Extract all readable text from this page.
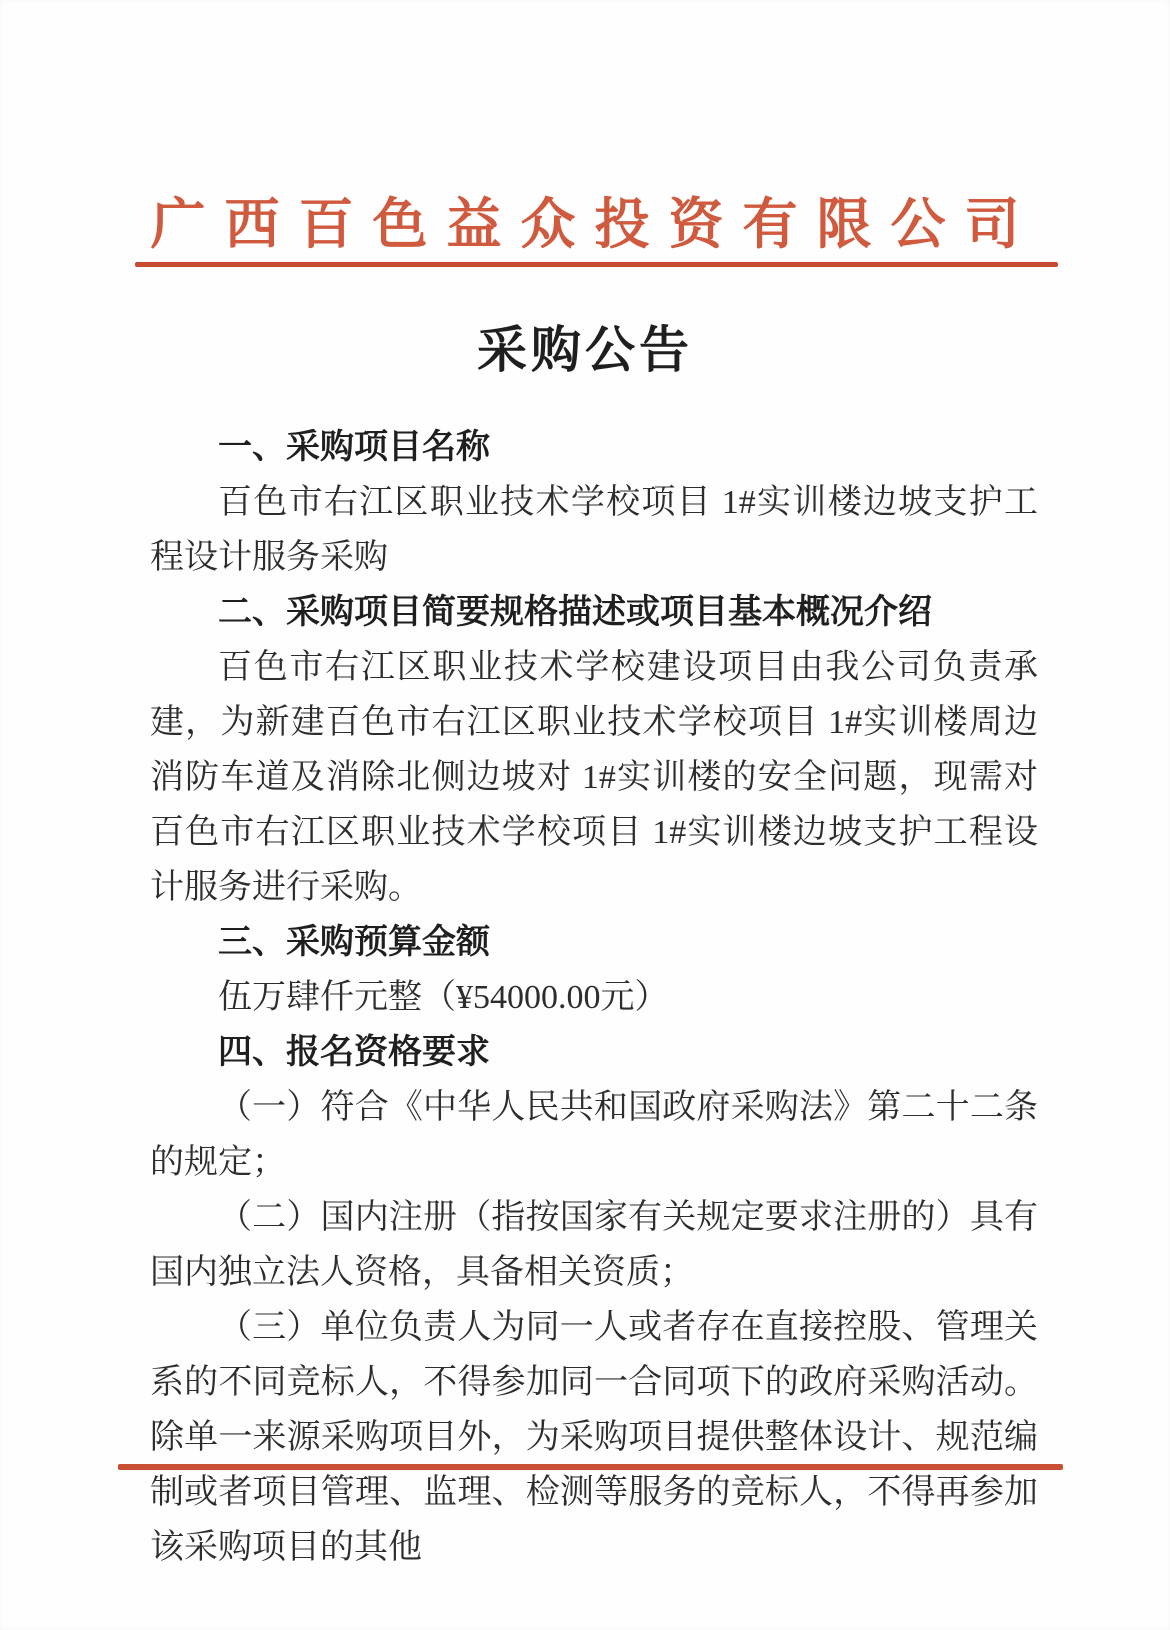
广西百色益众投资有限公司
采购公告
一、采购项目名称

百色市右江区职业技术学校项目 1#实训楼边坡支护工程设计服务采购

二、采购项目简要规格描述或项目基本概况介绍

百色市右江区职业技术学校建设项目由我公司负责承建，为新建百色市右江区职业技术学校项目 1#实训楼周边消防车道及消除北侧边坡对 1#实训楼的安全问题，现需对百色市右江区职业技术学校项目 1#实训楼边坡支护工程设计服务进行采购。

三、采购预算金额

伍万肆仟元整（¥54000.00元）

四、报名资格要求

（一）符合《中华人民共和国政府采购法》第二十二条的规定；

（二）国内注册（指按国家有关规定要求注册的）具有国内独立法人资格，具备相关资质；

（三）单位负责人为同一人或者存在直接控股、管理关系的不同竞标人，不得参加同一合同项下的政府采购活动。除单一来源采购项目外，为采购项目提供整体设计、规范编制或者项目管理、监理、检测等服务的竞标人，不得再参加该采购项目的其他
